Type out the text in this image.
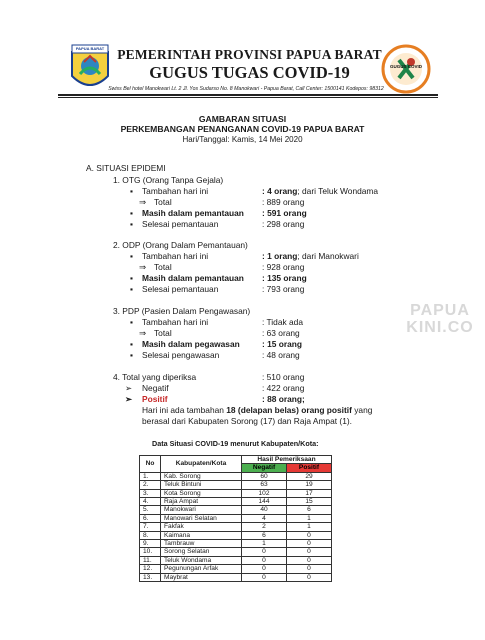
PAPUA BARAT
GUGUS COVID
PEMERINTAH PROVINSI PAPUA BARAT
GUGUS TUGAS COVID-19
Swiss Bel hotel Manokwari Lt. 2 Jl. Yos Sudarso No. 8 Manokwari - Papua Barat, Call Center: 1500141 Kodepos: 98312
GAMBARAN SITUASI
PERKEMBANGAN PENANGANAN COVID-19 PAPUA BARAT
Hari/Tanggal: Kamis, 14 Mei 2020
A. SITUASI EPIDEMI
1. OTG (Orang Tanpa Gejala)
▪ Tambahan hari ini	: 4 orang; dari Teluk Wondama
⇒ Total	: 889 orang
▪ Masih dalam pemantauan : 591 orang
▪ Selesai pemantauan	: 298 orang
2. ODP (Orang Dalam Pemantauan)
▪ Tambahan hari ini	: 1 orang; dari Manokwari
⇒ Total	: 928 orang
▪ Masih dalam pemantauan : 135 orang
▪ Selesai pemantauan	: 793 orang
3. PDP (Pasien Dalam Pengawasan)
▪ Tambahan hari ini	: Tidak ada
⇒ Total	: 63 orang
▪ Masih dalam pegawasan	: 15 orang
▪ Selesai pengawasan	: 48 orang
4. Total yang diperiksa	: 510 orang
➢ Negatif	: 422 orang
➢ Positif	: 88 orang;
Hari ini ada tambahan 18 (delapan belas) orang positif yang
berasal dari Kabupaten Sorong (17) dan Raja Ampat (1).
PAPUA
KINI.CO
Data Situasi COVID-19 menurut Kabupaten/Kota:
No	Kabupaten/Kota	Hasil Pemeriksaan	
		Negatif	Positif
1.	Kab. Sorong	60	29
2.	Teluk Bintuni	63	19
3.	Kota Sorong	102	17
4.	Raja Ampat	144	15
5.	Manokwari	40	6
6.	Manowari Selatan	4	1
7.	Fakfak	2	1
8.	Kaimana	6	0
9.	Tambrauw	1	0
10.	Sorong Selatan	0	0
11.	Teluk Wondama	0	0
12.	Pegunungan Arfak	0	0
13.	Maybrat	0	0
